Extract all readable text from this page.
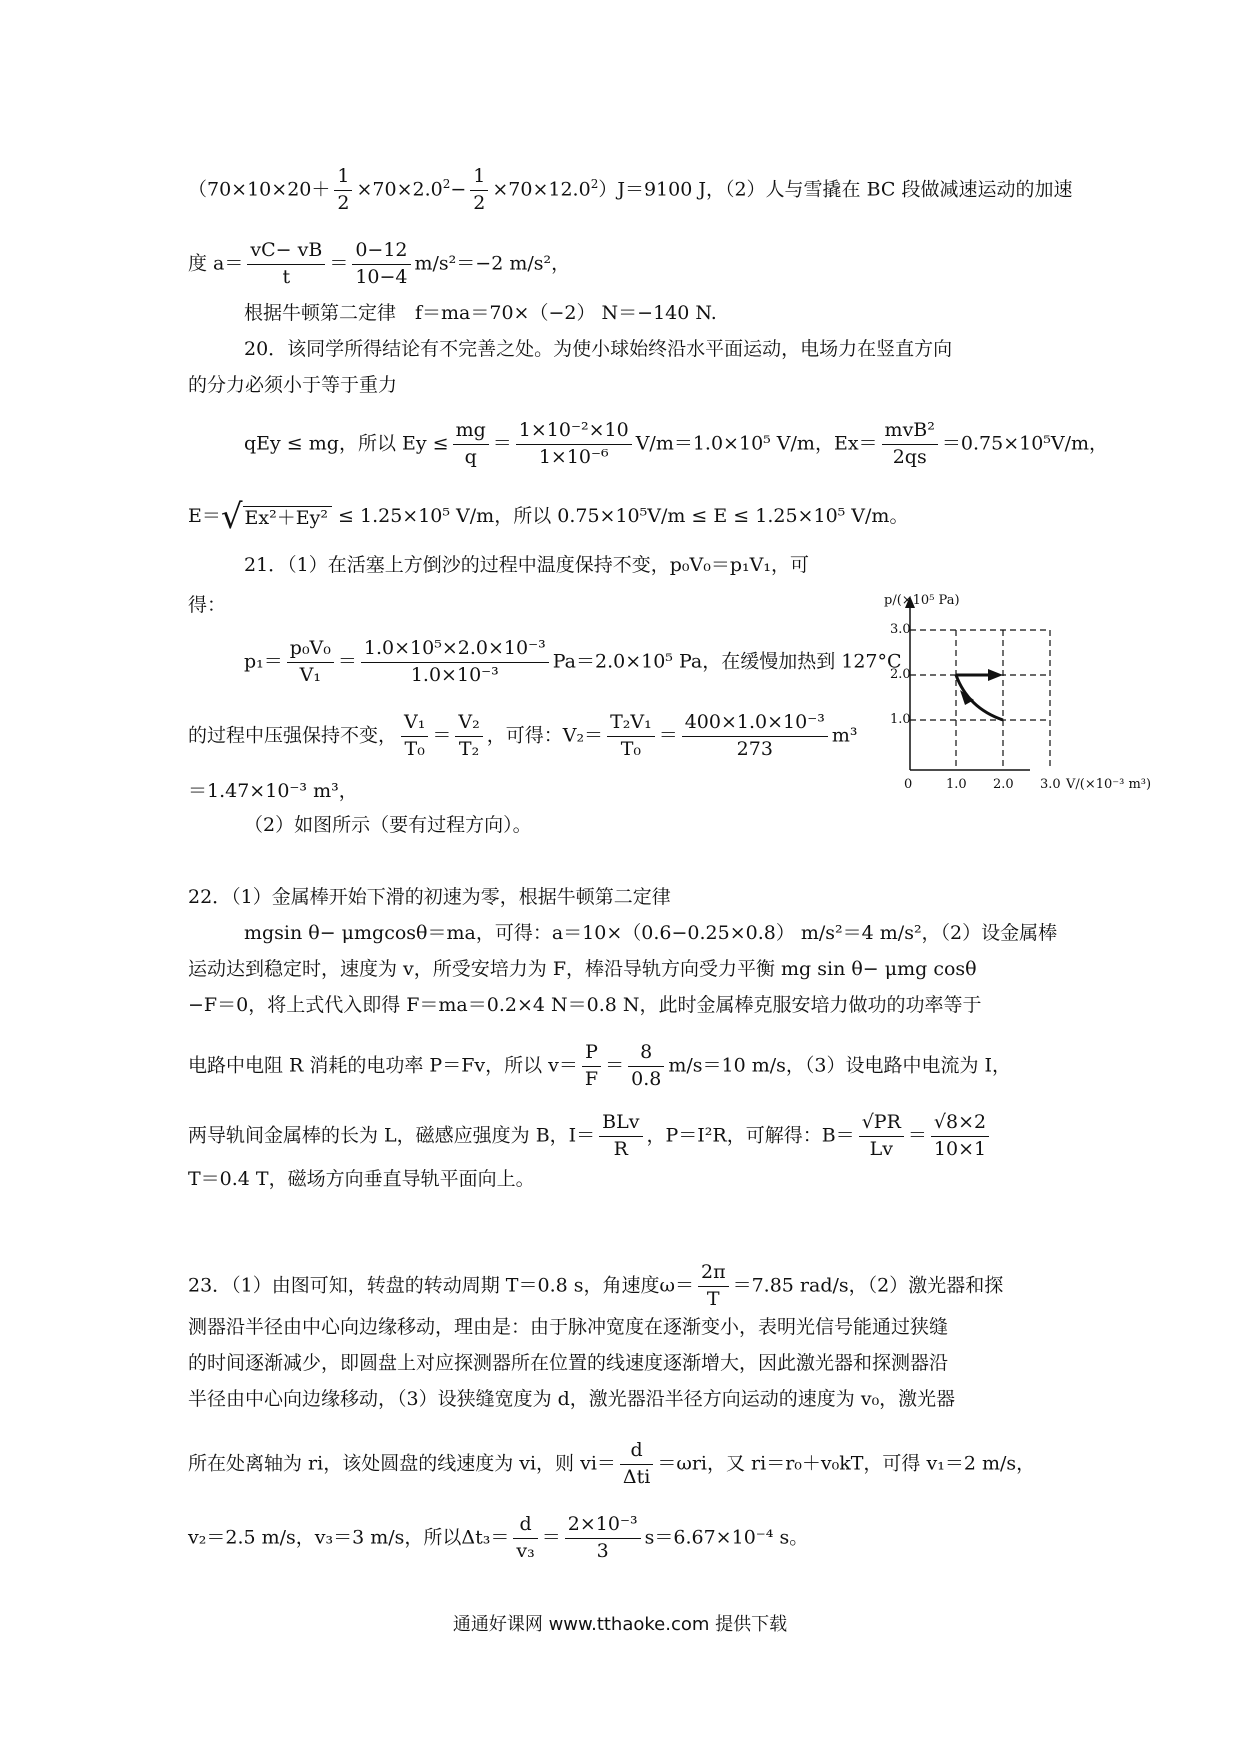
$(70\times 10\times 20+ \frac{1}{2} \times 70\times 2.0^2- \frac{1}{2} \times 70\times 12.0^2)J=9100$ J，（2）人与雪撬在 BC 段做减速运动的加速
度 $a= \frac{vC- vB}{t} = \frac{0-12}{10-4} m/s^2=-2$ m/s²，
根据牛顿第二定律　f＝ma＝70×（−2） N＝−140 N.
20．该同学所得结论有不完善之处。为使小球始终沿水平面运动，电场力在竖直方向
的分力必须小于等于重力
qEy ≤ mg，所以 $Ey \le \frac{mg}{q} = \frac{\text{1×10⁻²×10}}{\text{1×10⁻⁶}} V/m=1.0\times 10^5$ V/m，$Ex= \frac{\text{mvB²}}{2qs} =0.75\times 10^5V/m$，
E＝√ Ex²＋Ey² ≤ 1.25×10⁵ V/m，所以 0.75×10⁵V/m ≤ E ≤ 1.25×10⁵ V/m。
21．（1）在活塞上方倒沙的过程中温度保持不变，p₀V₀＝p₁V₁，可
得：
$p_1= \frac{\text{p₀V₀}}{\text{V₁}} = \frac{\text{1.0×10⁵×2.0×10⁻³}}{\text{1.0×10⁻³}} Pa=2.0\times 10^5$ Pa，在缓慢加热到 127°C
的过程中压强保持不变， $\frac{\text{V₁}}{\text{T₀}} = \frac{\text{V₂}}{\text{T₂}}$ ，可得：$V_2= \frac{\text{T₂V₁}}{\text{T₀}} = \frac{\text{400×1.0×10⁻³}}{273} m^3$
＝1.47×10⁻³ m³，
（2）如图所示（要有过程方向）。
p/(×10⁵ Pa)
3.0
2.0
1.0
0	1.0 2.0 3.0 V/(×10⁻³ m³)
22．（1）金属棒开始下滑的初速为零，根据牛顿第二定律
mgsin θ− μmgcosθ＝ma，可得：a＝10×（0.6−0.25×0.8） m/s²＝4 m/s²，（2）设金属棒
运动达到稳定时，速度为 v，所受安培力为 F，棒沿导轨方向受力平衡 mg sin θ− μmg cosθ
−F＝0，将上式代入即得 F＝ma＝0.2×4 N＝0.8 N，此时金属棒克服安培力做功的功率等于
电路中电阻 R 消耗的电功率 P＝Fv，所以 $v= \frac{P}{F} = \frac{8}{0.8} m/s=10$ m/s，（3）设电路中电流为 I，
两导轨间金属棒的长为 L，磁感应强度为 B，$I= \frac{\text{BLv}}{R}$ ，P＝I²R，可解得：$B= \frac{√PR}{Lv} = \frac{√8\times 2}{10\times 1}$
T＝0.4 T，磁场方向垂直导轨平面向上。
23．（1）由图可知，转盘的转动周期 T＝0.8 s，角速度$\omega= \frac{2\pi}{T} =7.85$ rad/s，（2）激光器和探
测器沿半径由中心向边缘移动，理由是：由于脉冲宽度在逐渐变小，表明光信号能通过狭缝
的时间逐渐减少，即圆盘上对应探测器所在位置的线速度逐渐增大，因此激光器和探测器沿
半径由中心向边缘移动，（3）设狭缝宽度为 d，激光器沿半径方向运动的速度为 v₀，激光器
所在处离轴为 ri，该处圆盘的线速度为 vi，则 $vi= \frac{d}{\text{Δti}} =\omega ri$，又 ri＝r₀＋v₀kT，可得 v₁＝2 m/s，
v₂＝2.5 m/s，v₃＝3 m/s，所以$\Delta t_3= \frac{d}{\text{v₃}} = \frac{\text{2×10⁻³}}{3} s=6.67\times 10^{-4}$ s。
通通好课网 www.tthaoke.com 提供下载
